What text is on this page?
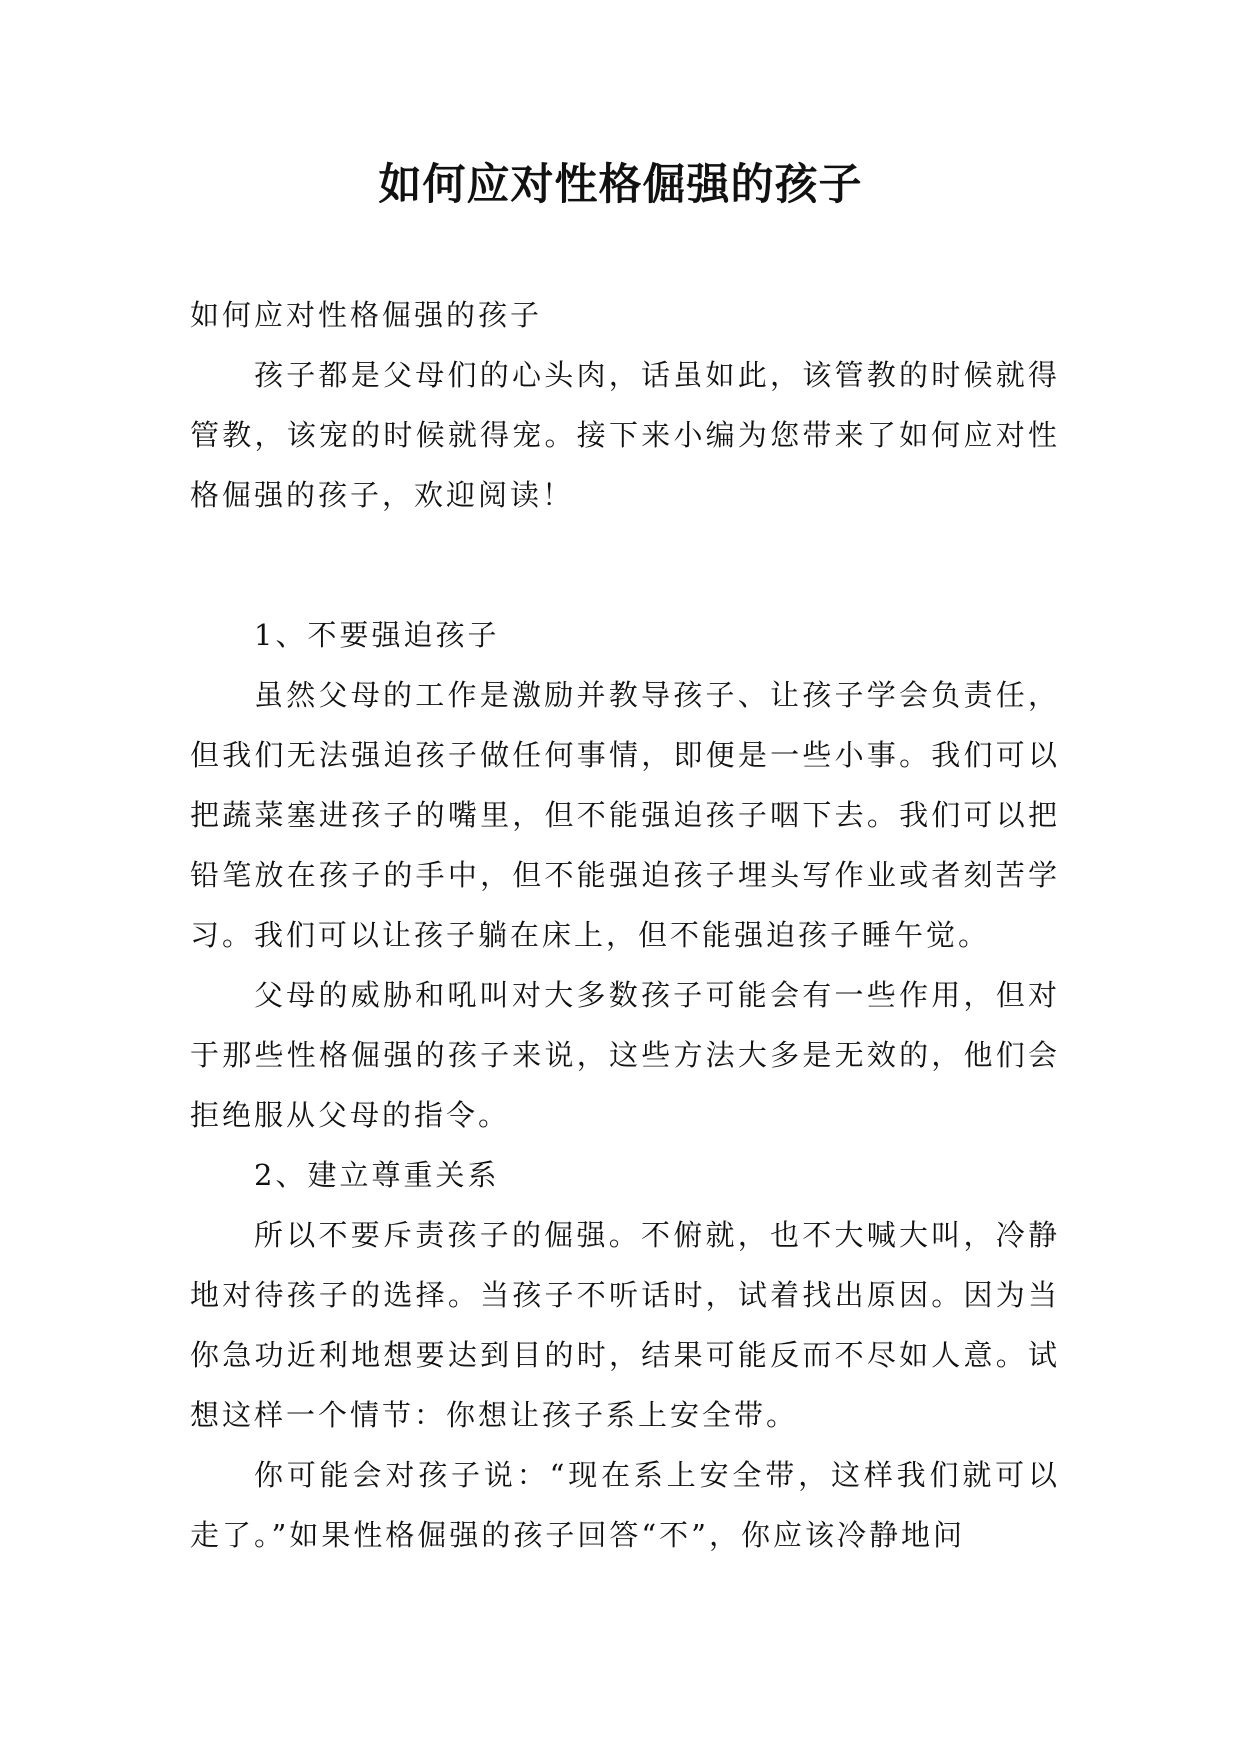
如何应对性格倔强的孩子

如何应对性格倔强的孩子

孩子都是父母们的心头肉，话虽如此，该管教的时候就得管教，该宠的时候就得宠。接下来小编为您带来了如何应对性格倔强的孩子，欢迎阅读！

1、不要强迫孩子

虽然父母的工作是激励并教导孩子、让孩子学会负责任，但我们无法强迫孩子做任何事情，即便是一些小事。我们可以把蔬菜塞进孩子的嘴里，但不能强迫孩子咽下去。我们可以把铅笔放在孩子的手中，但不能强迫孩子埋头写作业或者刻苦学习。我们可以让孩子躺在床上，但不能强迫孩子睡午觉。

父母的威胁和吼叫对大多数孩子可能会有一些作用，但对于那些性格倔强的孩子来说，这些方法大多是无效的，他们会拒绝服从父母的指令。

2、建立尊重关系

所以不要斥责孩子的倔强。不俯就，也不大喊大叫，冷静地对待孩子的选择。当孩子不听话时，试着找出原因。因为当你急功近利地想要达到目的时，结果可能反而不尽如人意。试想这样一个情节：你想让孩子系上安全带。

你可能会对孩子说：“现在系上安全带，这样我们就可以走了。”如果性格倔强的孩子回答“不”，你应该冷静地问
